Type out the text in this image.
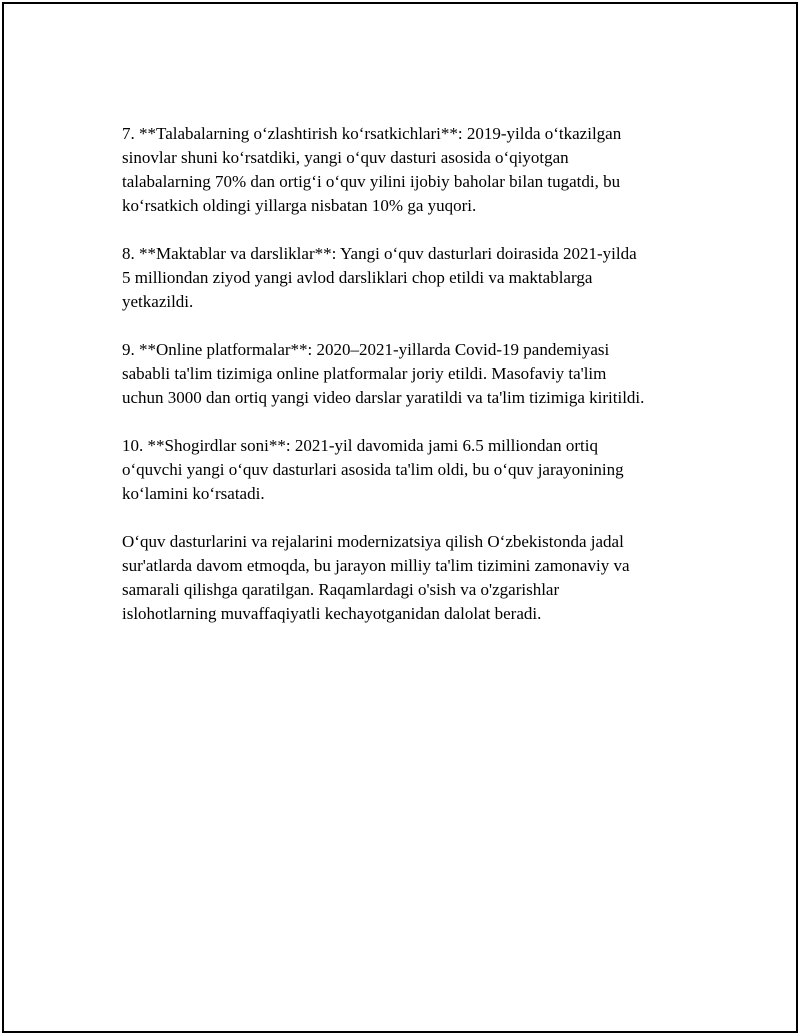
7. **Talabalarning o‘zlashtirish ko‘rsatkichlari**: 2019-yilda o‘tkazilgan
sinovlar shuni ko‘rsatdiki, yangi o‘quv dasturi asosida o‘qiyotgan
talabalarning 70% dan ortig‘i o‘quv yilini ijobiy baholar bilan tugatdi, bu
ko‘rsatkich oldingi yillarga nisbatan 10% ga yuqori.

8. **Maktablar va darsliklar**: Yangi o‘quv dasturlari doirasida 2021-yilda
5 milliondan ziyod yangi avlod darsliklari chop etildi va maktablarga
yetkazildi.

9. **Online platformalar**: 2020–2021-yillarda Covid-19 pandemiyasi
sababli ta'lim tizimiga online platformalar joriy etildi. Masofaviy ta'lim
uchun 3000 dan ortiq yangi video darslar yaratildi va ta'lim tizimiga kiritildi.

10. **Shogirdlar soni**: 2021-yil davomida jami 6.5 milliondan ortiq
o‘quvchi yangi o‘quv dasturlari asosida ta'lim oldi, bu o‘quv jarayonining
ko‘lamini ko‘rsatadi.

O‘quv dasturlarini va rejalarini modernizatsiya qilish O‘zbekistonda jadal
sur'atlarda davom etmoqda, bu jarayon milliy ta'lim tizimini zamonaviy va
samarali qilishga qaratilgan. Raqamlardagi o'sish va o'zgarishlar
islohotlarning muvaffaqiyatli kechayotganidan dalolat beradi.
